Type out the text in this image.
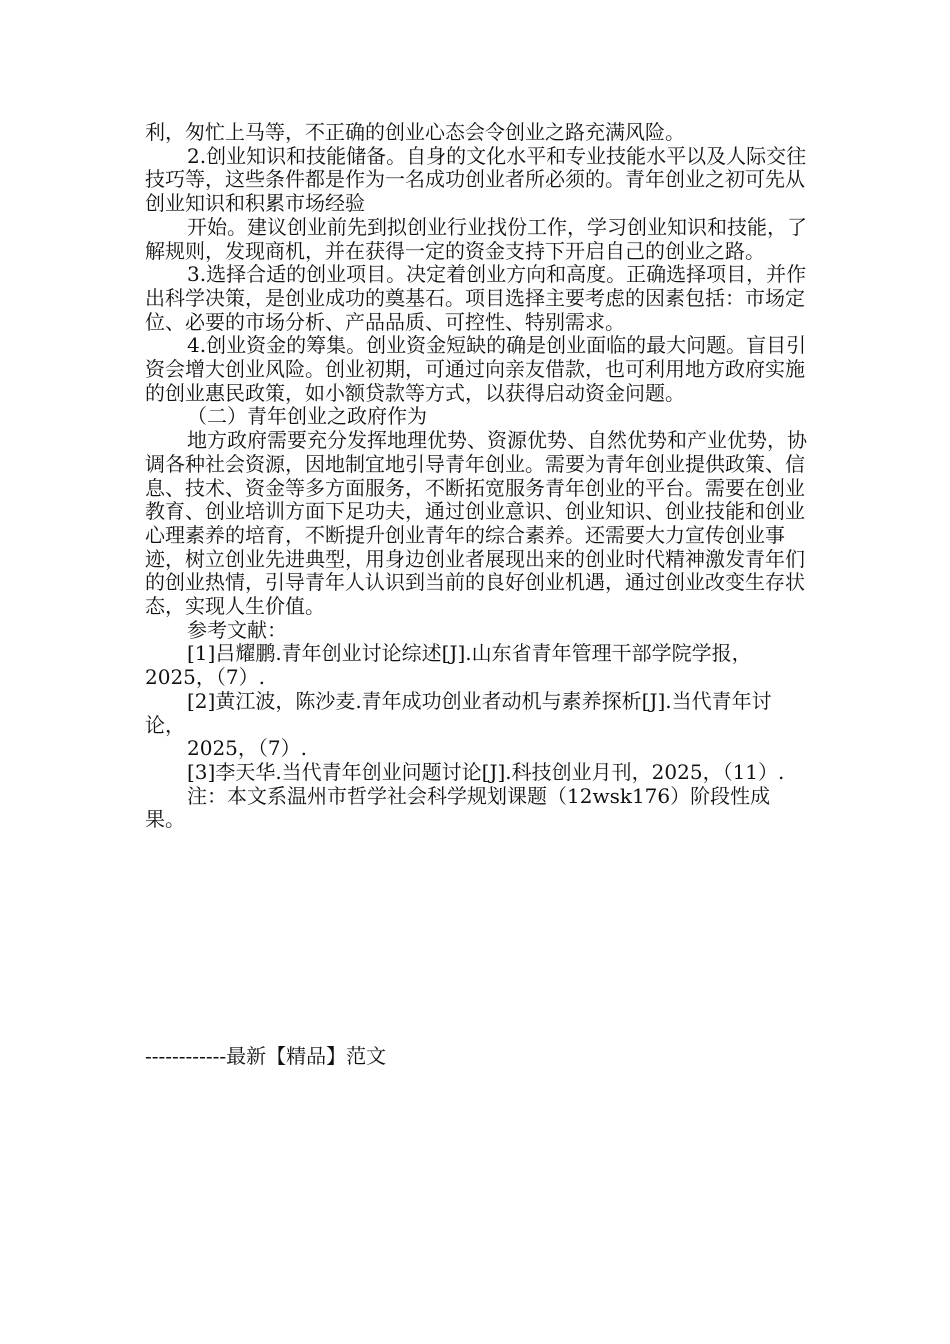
利，匆忙上马等，不正确的创业心态会令创业之路充满风险。

2.创业知识和技能储备。自身的文化水平和专业技能水平以及人际交往技巧等，这些条件都是作为一名成功创业者所必须的。青年创业之初可先从创业知识和积累市场经验

开始。建议创业前先到拟创业行业找份工作，学习创业知识和技能，了解规则，发现商机，并在获得一定的资金支持下开启自己的创业之路。

3.选择合适的创业项目。决定着创业方向和高度。正确选择项目，并作出科学决策，是创业成功的奠基石。项目选择主要考虑的因素包括：市场定位、必要的市场分析、产品品质、可控性、特别需求。

4.创业资金的筹集。创业资金短缺的确是创业面临的最大问题。盲目引资会增大创业风险。创业初期，可通过向亲友借款，也可利用地方政府实施的创业惠民政策，如小额贷款等方式，以获得启动资金问题。

（二）青年创业之政府作为

地方政府需要充分发挥地理优势、资源优势、自然优势和产业优势，协调各种社会资源，因地制宜地引导青年创业。需要为青年创业提供政策、信息、技术、资金等多方面服务，不断拓宽服务青年创业的平台。需要在创业教育、创业培训方面下足功夫，通过创业意识、创业知识、创业技能和创业心理素养的培育，不断提升创业青年的综合素养。还需要大力宣传创业事迹，树立创业先进典型，用身边创业者展现出来的创业时代精神激发青年们的创业热情，引导青年人认识到当前的良好创业机遇，通过创业改变生存状态，实现人生价值。

参考文献：

[1]吕耀鹏.青年创业讨论综述[J].山东省青年管理干部学院学报，2025，（7）.

[2]黄江波，陈沙麦.青年成功创业者动机与素养探析[J].当代青年讨论，

2025，（7）.

[3]李天华.当代青年创业问题讨论[J].科技创业月刊，2025，（11）.

注：本文系温州市哲学社会科学规划课题（12wsk176）阶段性成果。

------------最新【精品】范文
